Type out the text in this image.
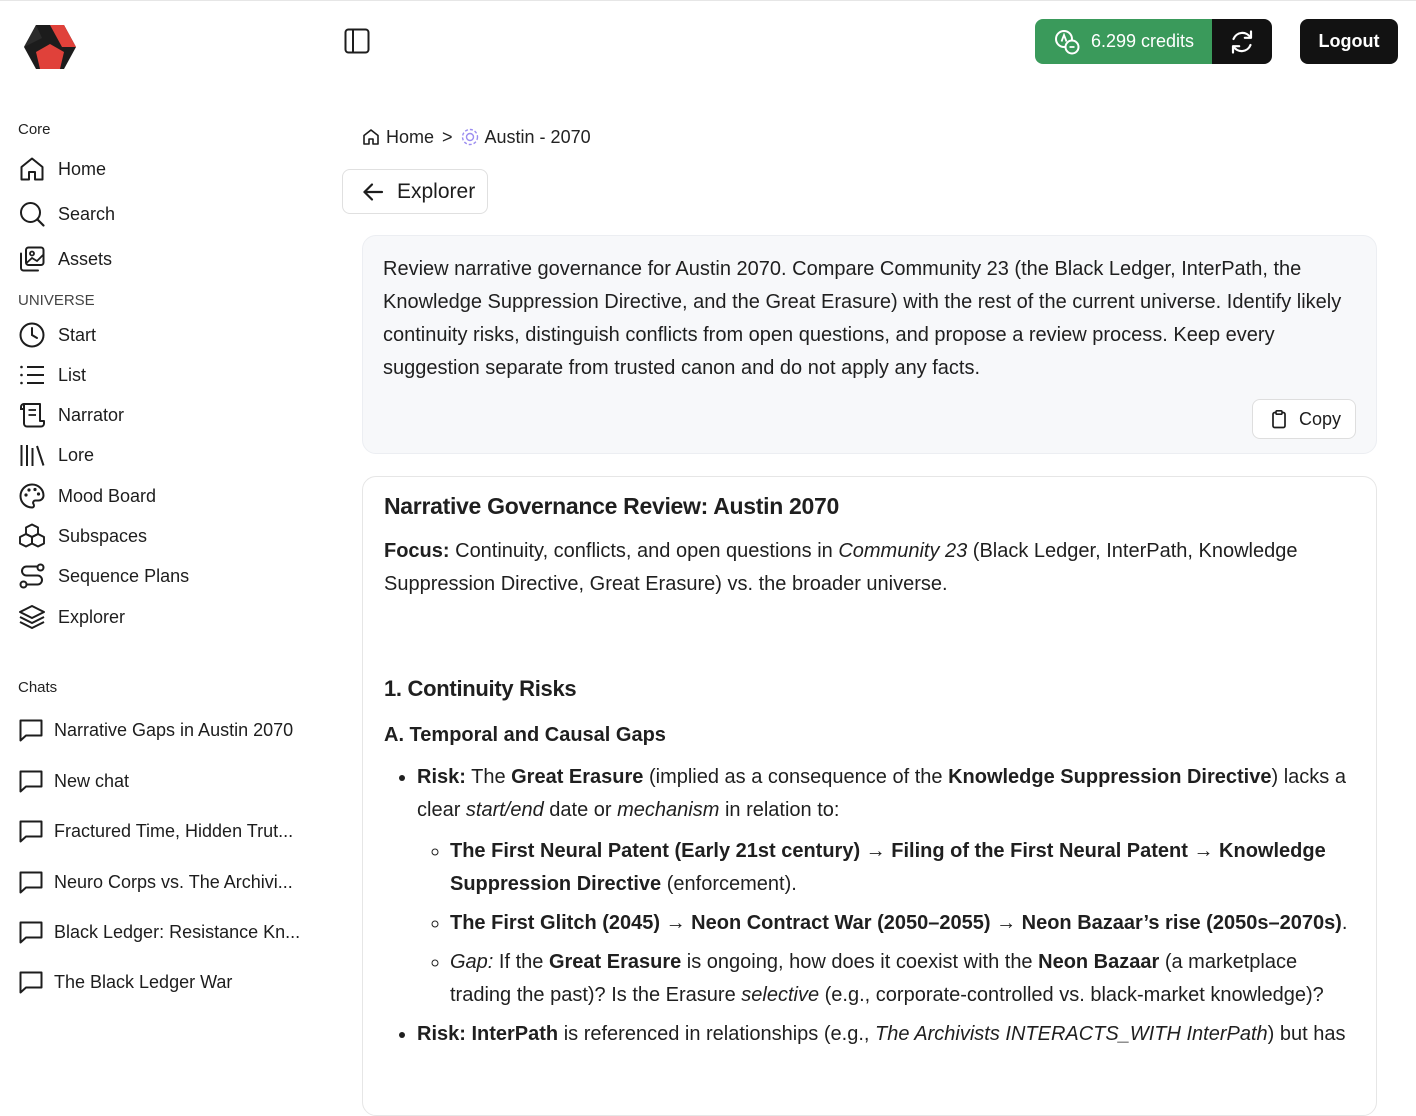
6.299 credits	Logout
Core
Home
Search
Assets
UNIVERSE
Start
List
Narrator
Lore
Mood Board
Subspaces
Sequence Plans
Explorer
Chats
Narrative Gaps in Austin 2070
New chat
Fractured Time, Hidden Trut...
Neuro Corps vs. The Archivi...
Black Ledger: Resistance Kn...
The Black Ledger War
Home > Austin - 2070
Explorer

Review narrative governance for Austin 2070. Compare Community 23 (the Black Ledger, InterPath, the Knowledge Suppression Directive, and the Great Erasure) with the rest of the current universe. Identify likely continuity risks, distinguish conflicts from open questions, and propose a review process. Keep every suggestion separate from trusted canon and do not apply any facts.

Copy
Narrative Governance Review: Austin 2070

Focus: Continuity, conflicts, and open questions in Community 23 (Black Ledger, InterPath, Knowledge Suppression Directive, Great Erasure) vs. the broader universe.

1. Continuity Risks
A. Temporal and Causal Gaps
• Risk: The Great Erasure (implied as a consequence of the Knowledge Suppression Directive) lacks a clear start/end date or mechanism in relation to:
◦ The First Neural Patent (Early 21st century) → Filing of the First Neural Patent → Knowledge Suppression Directive (enforcement).
◦ The First Glitch (2045) → Neon Contract War (2050–2055) → Neon Bazaar’s rise (2050s–2070s).
◦ Gap: If the Great Erasure is ongoing, how does it coexist with the Neon Bazaar (a marketplace trading the past)? Is the Erasure selective (e.g., corporate-controlled vs. black-market knowledge)?
• Risk: InterPath is referenced in relationships (e.g., The Archivists INTERACTS_WITH InterPath) but has
